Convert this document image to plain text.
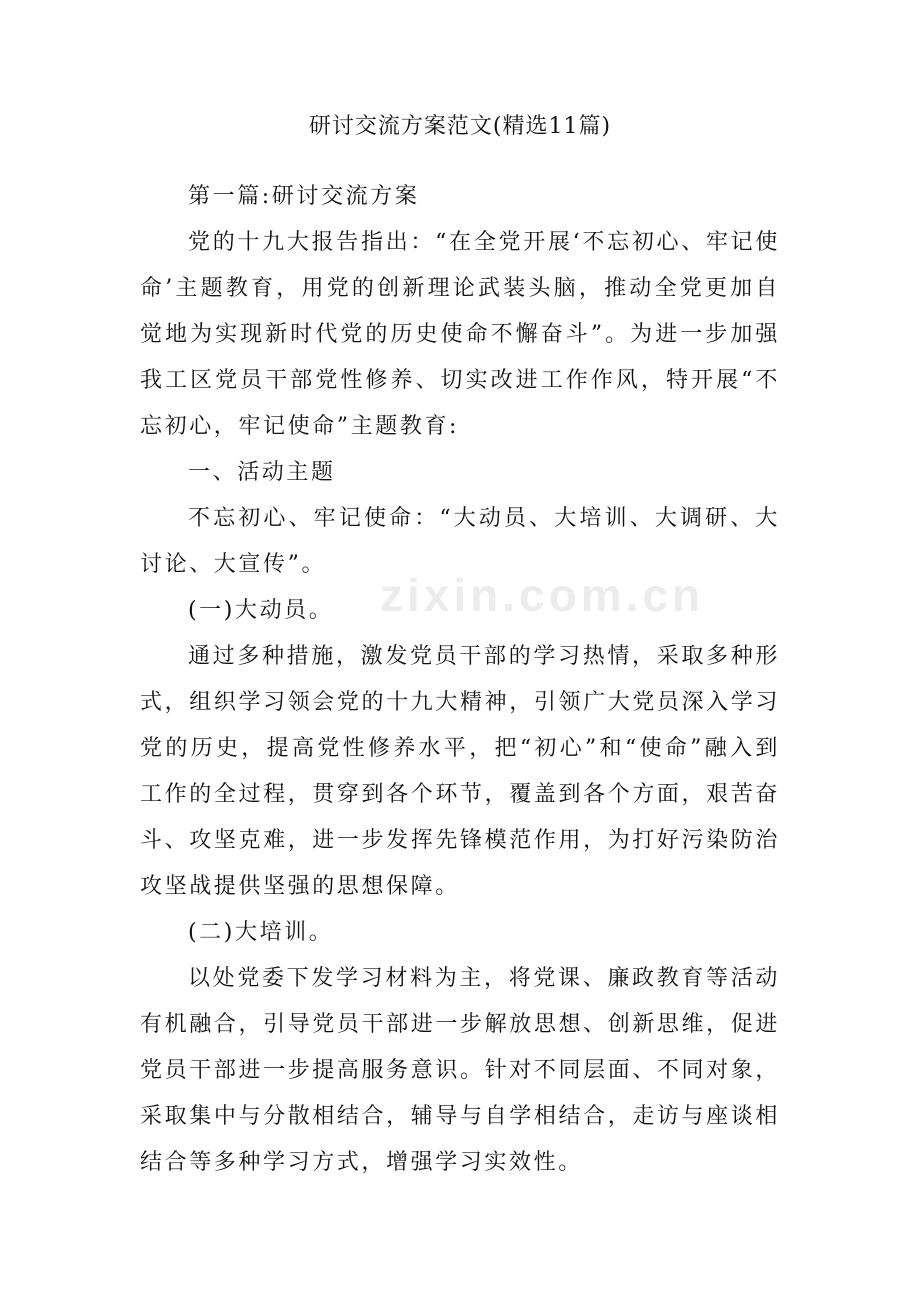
研讨交流方案范文(精选11篇)

第一篇:研讨交流方案

党的十九大报告指出：“在全党开展‘不忘初心、牢记使命’主题教育，用党的创新理论武装头脑，推动全党更加自觉地为实现新时代党的历史使命不懈奋斗”。为进一步加强我工区党员干部党性修养、切实改进工作作风，特开展“不忘初心，牢记使命”主题教育:

一、活动主题

不忘初心、牢记使命：“大动员、大培训、大调研、大讨论、大宣传”。

(一)大动员。

通过多种措施，激发党员干部的学习热情，采取多种形式，组织学习领会党的十九大精神，引领广大党员深入学习党的历史，提高党性修养水平，把“初心”和“使命”融入到工作的全过程，贯穿到各个环节，覆盖到各个方面，艰苦奋斗、攻坚克难，进一步发挥先锋模范作用，为打好污染防治攻坚战提供坚强的思想保障。

(二)大培训。

以处党委下发学习材料为主，将党课、廉政教育等活动有机融合，引导党员干部进一步解放思想、创新思维，促进党员干部进一步提高服务意识。针对不同层面、不同对象，采取集中与分散相结合，辅导与自学相结合，走访与座谈相结合等多种学习方式，增强学习实效性。

zixin.com.cn
